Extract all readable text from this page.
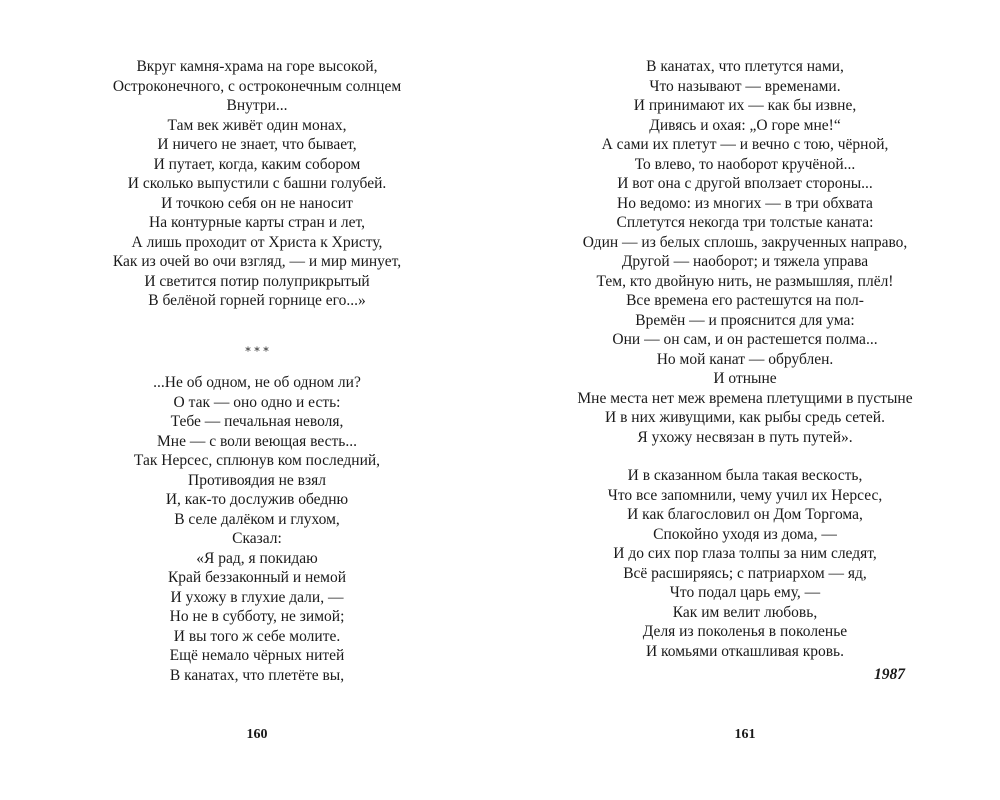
Вкруг камня-храма на горе высокой,
Остроконечного, с остроконечным солнцем
Внутри...
Там век живёт один монах,
И ничего не знает, что бывает,
И путает, когда, каким собором
И сколько выпустили с башни голубей.
И точкою себя он не наносит
На контурные карты стран и лет,
А лишь проходит от Христа к Христу,
Как из очей во очи взгляд, — и мир минует,
И светится потир полуприкрытый
В белёной горней горнице его...»
* * *
...Не об одном, не об одном ли?
О так — оно одно и есть:
Тебе — печальная неволя,
Мне — с воли веющая весть...
Так Нерсес, сплюнув ком последний,
Противоядия не взял
И, как-то дослужив обедню
В селе далёком и глухом,
Сказал:
«Я рад, я покидаю
Край беззаконный и немой
И ухожу в глухие дали, —
Но не в субботу, не зимой;
И вы того ж себе молите.
Ещё немало чёрных нитей
В канатах, что плетёте вы,
160
В канатах, что плетутся нами,
Что называют — временами.
И принимают их — как бы извне,
Дивясь и охая: „О горе мне!“
А сами их плетут — и вечно с тою, чёрной,
То влево, то наоборот кручёной...
И вот она с другой вползает стороны...
Но ведомо: из многих — в три обхвата
Сплетутся некогда три толстые каната:
Один — из белых сплошь, закрученных направо,
Другой — наоборот; и тяжела управа
Тем, кто двойную нить, не размышляя, плёл!
Все времена его растешутся на пол-
Времён — и прояснится для ума:
Они — он сам, и он растешется полма...
Но мой канат — обрублен.
И отныне
Мне места нет меж времена плетущими в пустыне
И в них живущими, как рыбы средь сетей.
Я ухожу несвязан в путь путей».
И в сказанном была такая вескость,
Что все запомнили, чему учил их Нерсес,
И как благословил он Дом Торгома,
Спокойно уходя из дома, —
И до сих пор глаза толпы за ним следят,
Всё расширяясь; с патриархом — яд,
Что подал царь ему, —
Как им велит любовь,
Деля из поколенья в поколенье
И комьями откашливая кровь.
1987
161
